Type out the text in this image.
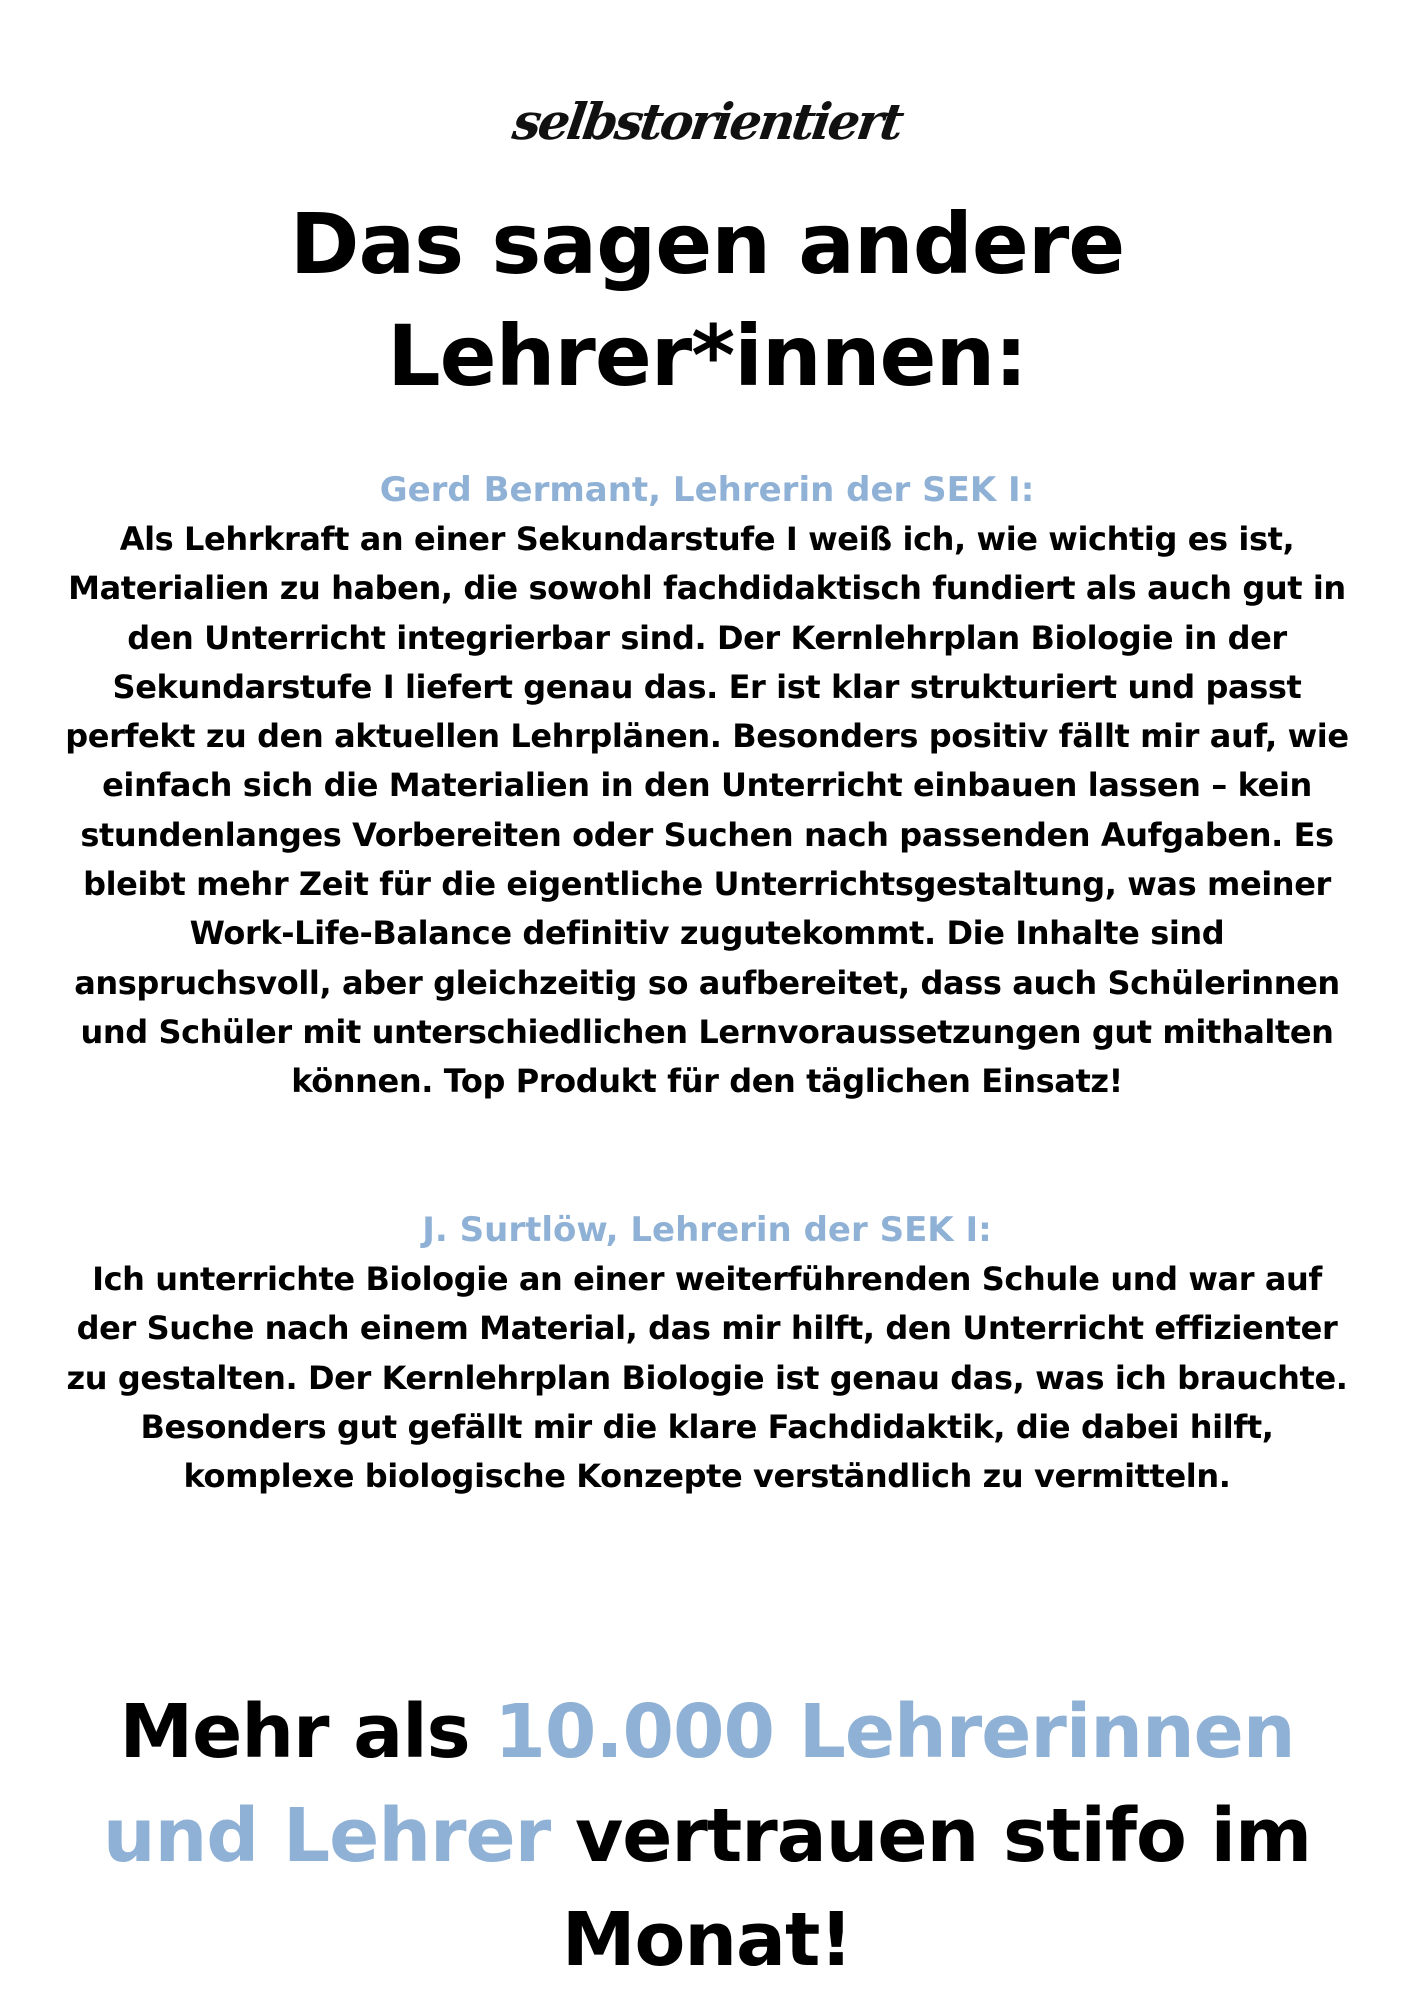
selbstorientiert
Das sagen andere
Lehrer*innen:
Gerd Bermant, Lehrerin der SEK I:

Als Lehrkraft an einer Sekundarstufe I weiß ich, wie wichtig es ist, Materialien zu haben, die sowohl fachdidaktisch fundiert als auch gut in den Unterricht integrierbar sind. Der Kernlehrplan Biologie in der Sekundarstufe I liefert genau das. Er ist klar strukturiert und passt perfekt zu den aktuellen Lehrplänen. Besonders positiv fällt mir auf, wie einfach sich die Materialien in den Unterricht einbauen lassen – kein stundenlanges Vorbereiten oder Suchen nach passenden Aufgaben. Es bleibt mehr Zeit für die eigentliche Unterrichtsgestaltung, was meiner Work-Life-Balance definitiv zugutekommt. Die Inhalte sind anspruchsvoll, aber gleichzeitig so aufbereitet, dass auch Schülerinnen und Schüler mit unterschiedlichen Lernvoraussetzungen gut mithalten können. Top Produkt für den täglichen Einsatz!

J. Surtlöw, Lehrerin der SEK I:

Ich unterrichte Biologie an einer weiterführenden Schule und war auf der Suche nach einem Material, das mir hilft, den Unterricht effizienter zu gestalten. Der Kernlehrplan Biologie ist genau das, was ich brauchte. Besonders gut gefällt mir die klare Fachdidaktik, die dabei hilft, komplexe biologische Konzepte verständlich zu vermitteln.

Mehr als 10.000 Lehrerinnen und Lehrer vertrauen stifo im Monat!
